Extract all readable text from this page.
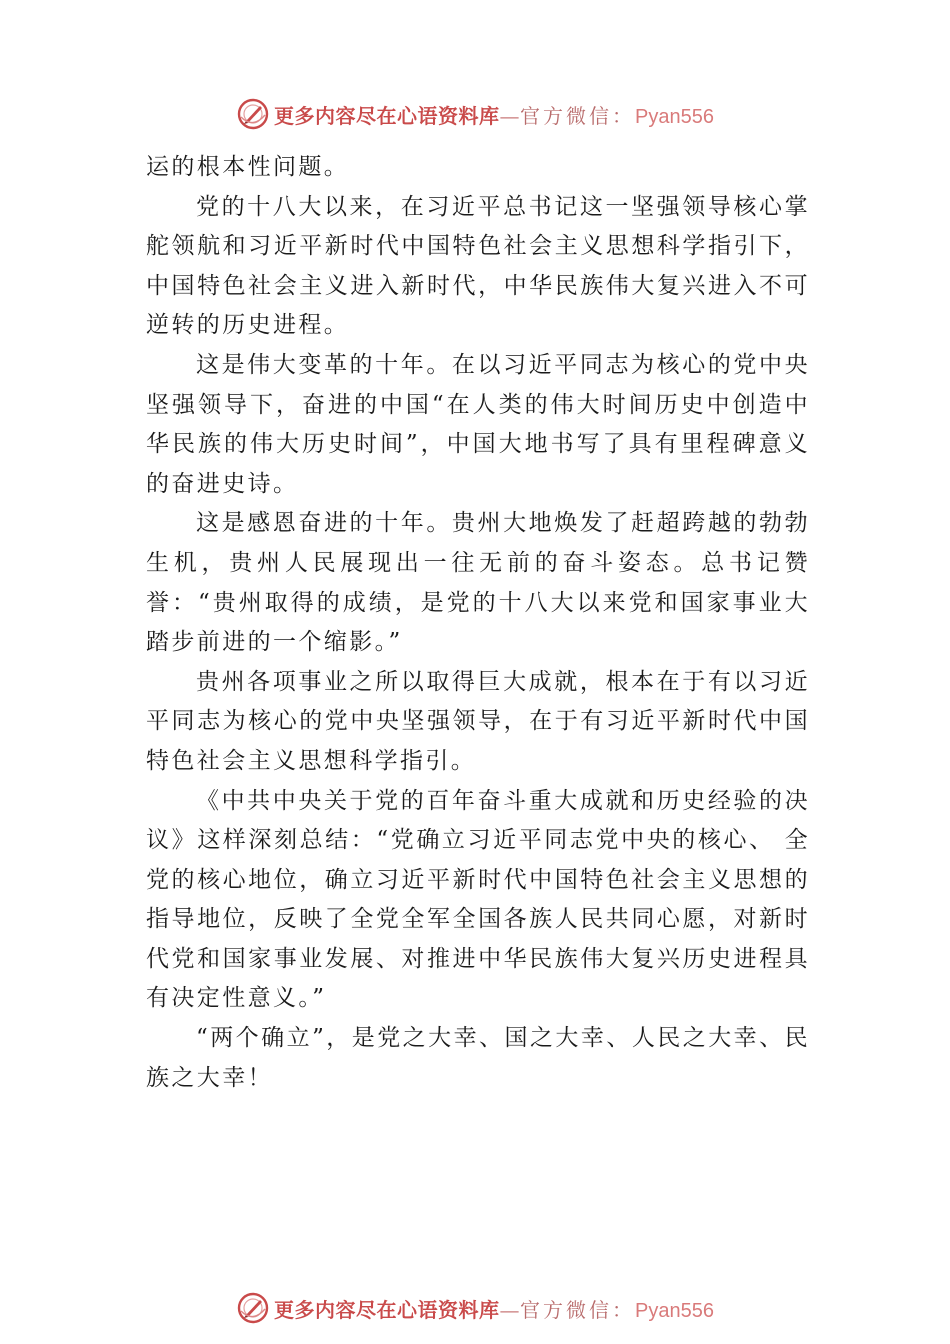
更多内容尽在心语资料库—官方微信：Pyan556

运的根本性问题。

党的十八大以来，在习近平总书记这一坚强领导核心掌舵领航和习近平新时代中国特色社会主义思想科学指引下， 中国特色社会主义进入新时代，中华民族伟大复兴进入不可逆转的历史进程。

这是伟大变革的十年。在以习近平同志为核心的党中央坚强领导下，奋进的中国“在人类的伟大时间历史中创造中华民族的伟大历史时间”，中国大地书写了具有里程碑意义的奋进史诗。

这是感恩奋进的十年。贵州大地焕发了赶超跨越的勃勃生机，贵州人民展现出一往无前的奋斗姿态。总书记赞誉：“贵州取得的成绩，是党的十八大以来党和国家事业大踏步前进的一个缩影。”

贵州各项事业之所以取得巨大成就，根本在于有以习近平同志为核心的党中央坚强领导，在于有习近平新时代中国特色社会主义思想科学指引。

《中共中央关于党的百年奋斗重大成就和历史经验的决议》这样深刻总结：“党确立习近平同志党中央的核心、 全党的核心地位，确立习近平新时代中国特色社会主义思想的指导地位，反映了全党全军全国各族人民共同心愿，对新时代党和国家事业发展、对推进中华民族伟大复兴历史进程具有决定性意义。”

“两个确立”，是党之大幸、国之大幸、人民之大幸、民族之大幸！

更多内容尽在心语资料库—官方微信：Pyan556
